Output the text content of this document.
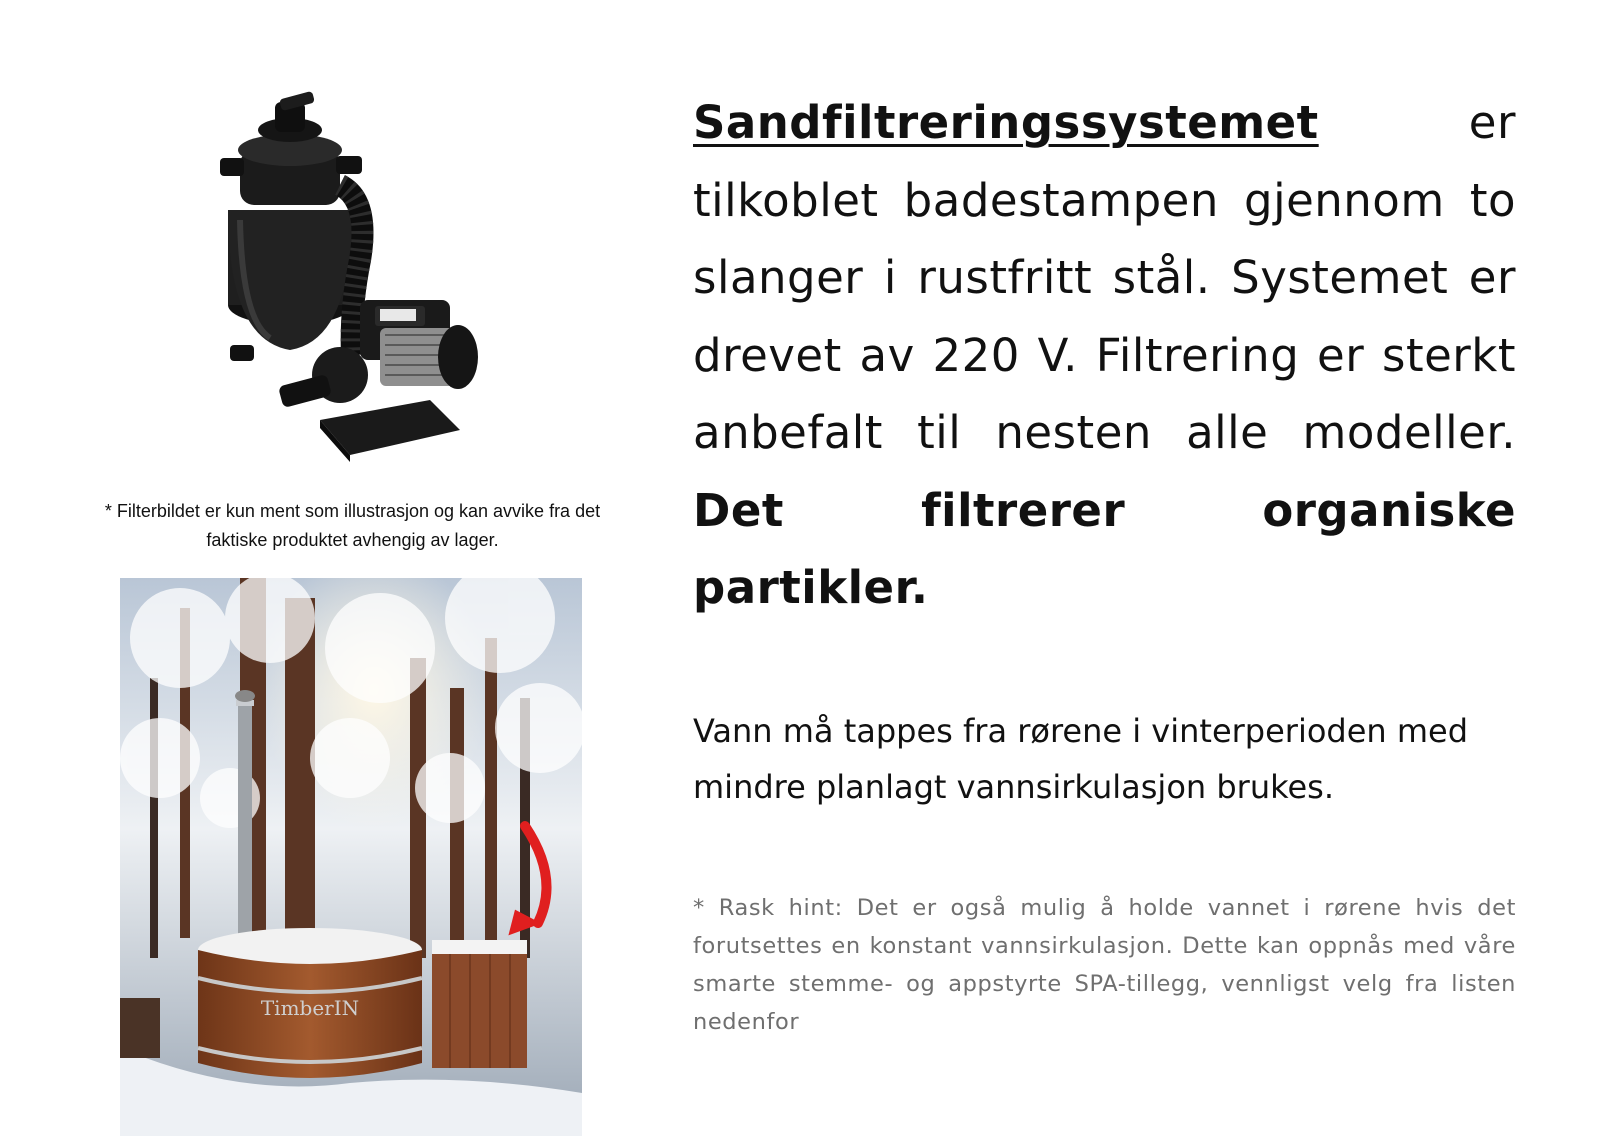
* Filterbildet er kun ment som illustrasjon og kan avvike fra det faktiske produktet avhengig av lager.
TimberIN

Sandfiltreringssystemet er tilkoblet badestampen gjennom to slanger i rustfritt stål. Systemet er drevet av 220 V. Filtrering er sterkt anbefalt til nesten alle modeller. Det filtrerer organiske partikler.

Vann må tappes fra rørene i vinterperioden med mindre planlagt vannsirkulasjon brukes.

* Rask hint: Det er også mulig å holde vannet i rørene hvis det forutsettes en konstant vannsirkulasjon. Dette kan oppnås med våre smarte stemme- og appstyrte SPA-tillegg, vennligst velg fra listen nedenfor
